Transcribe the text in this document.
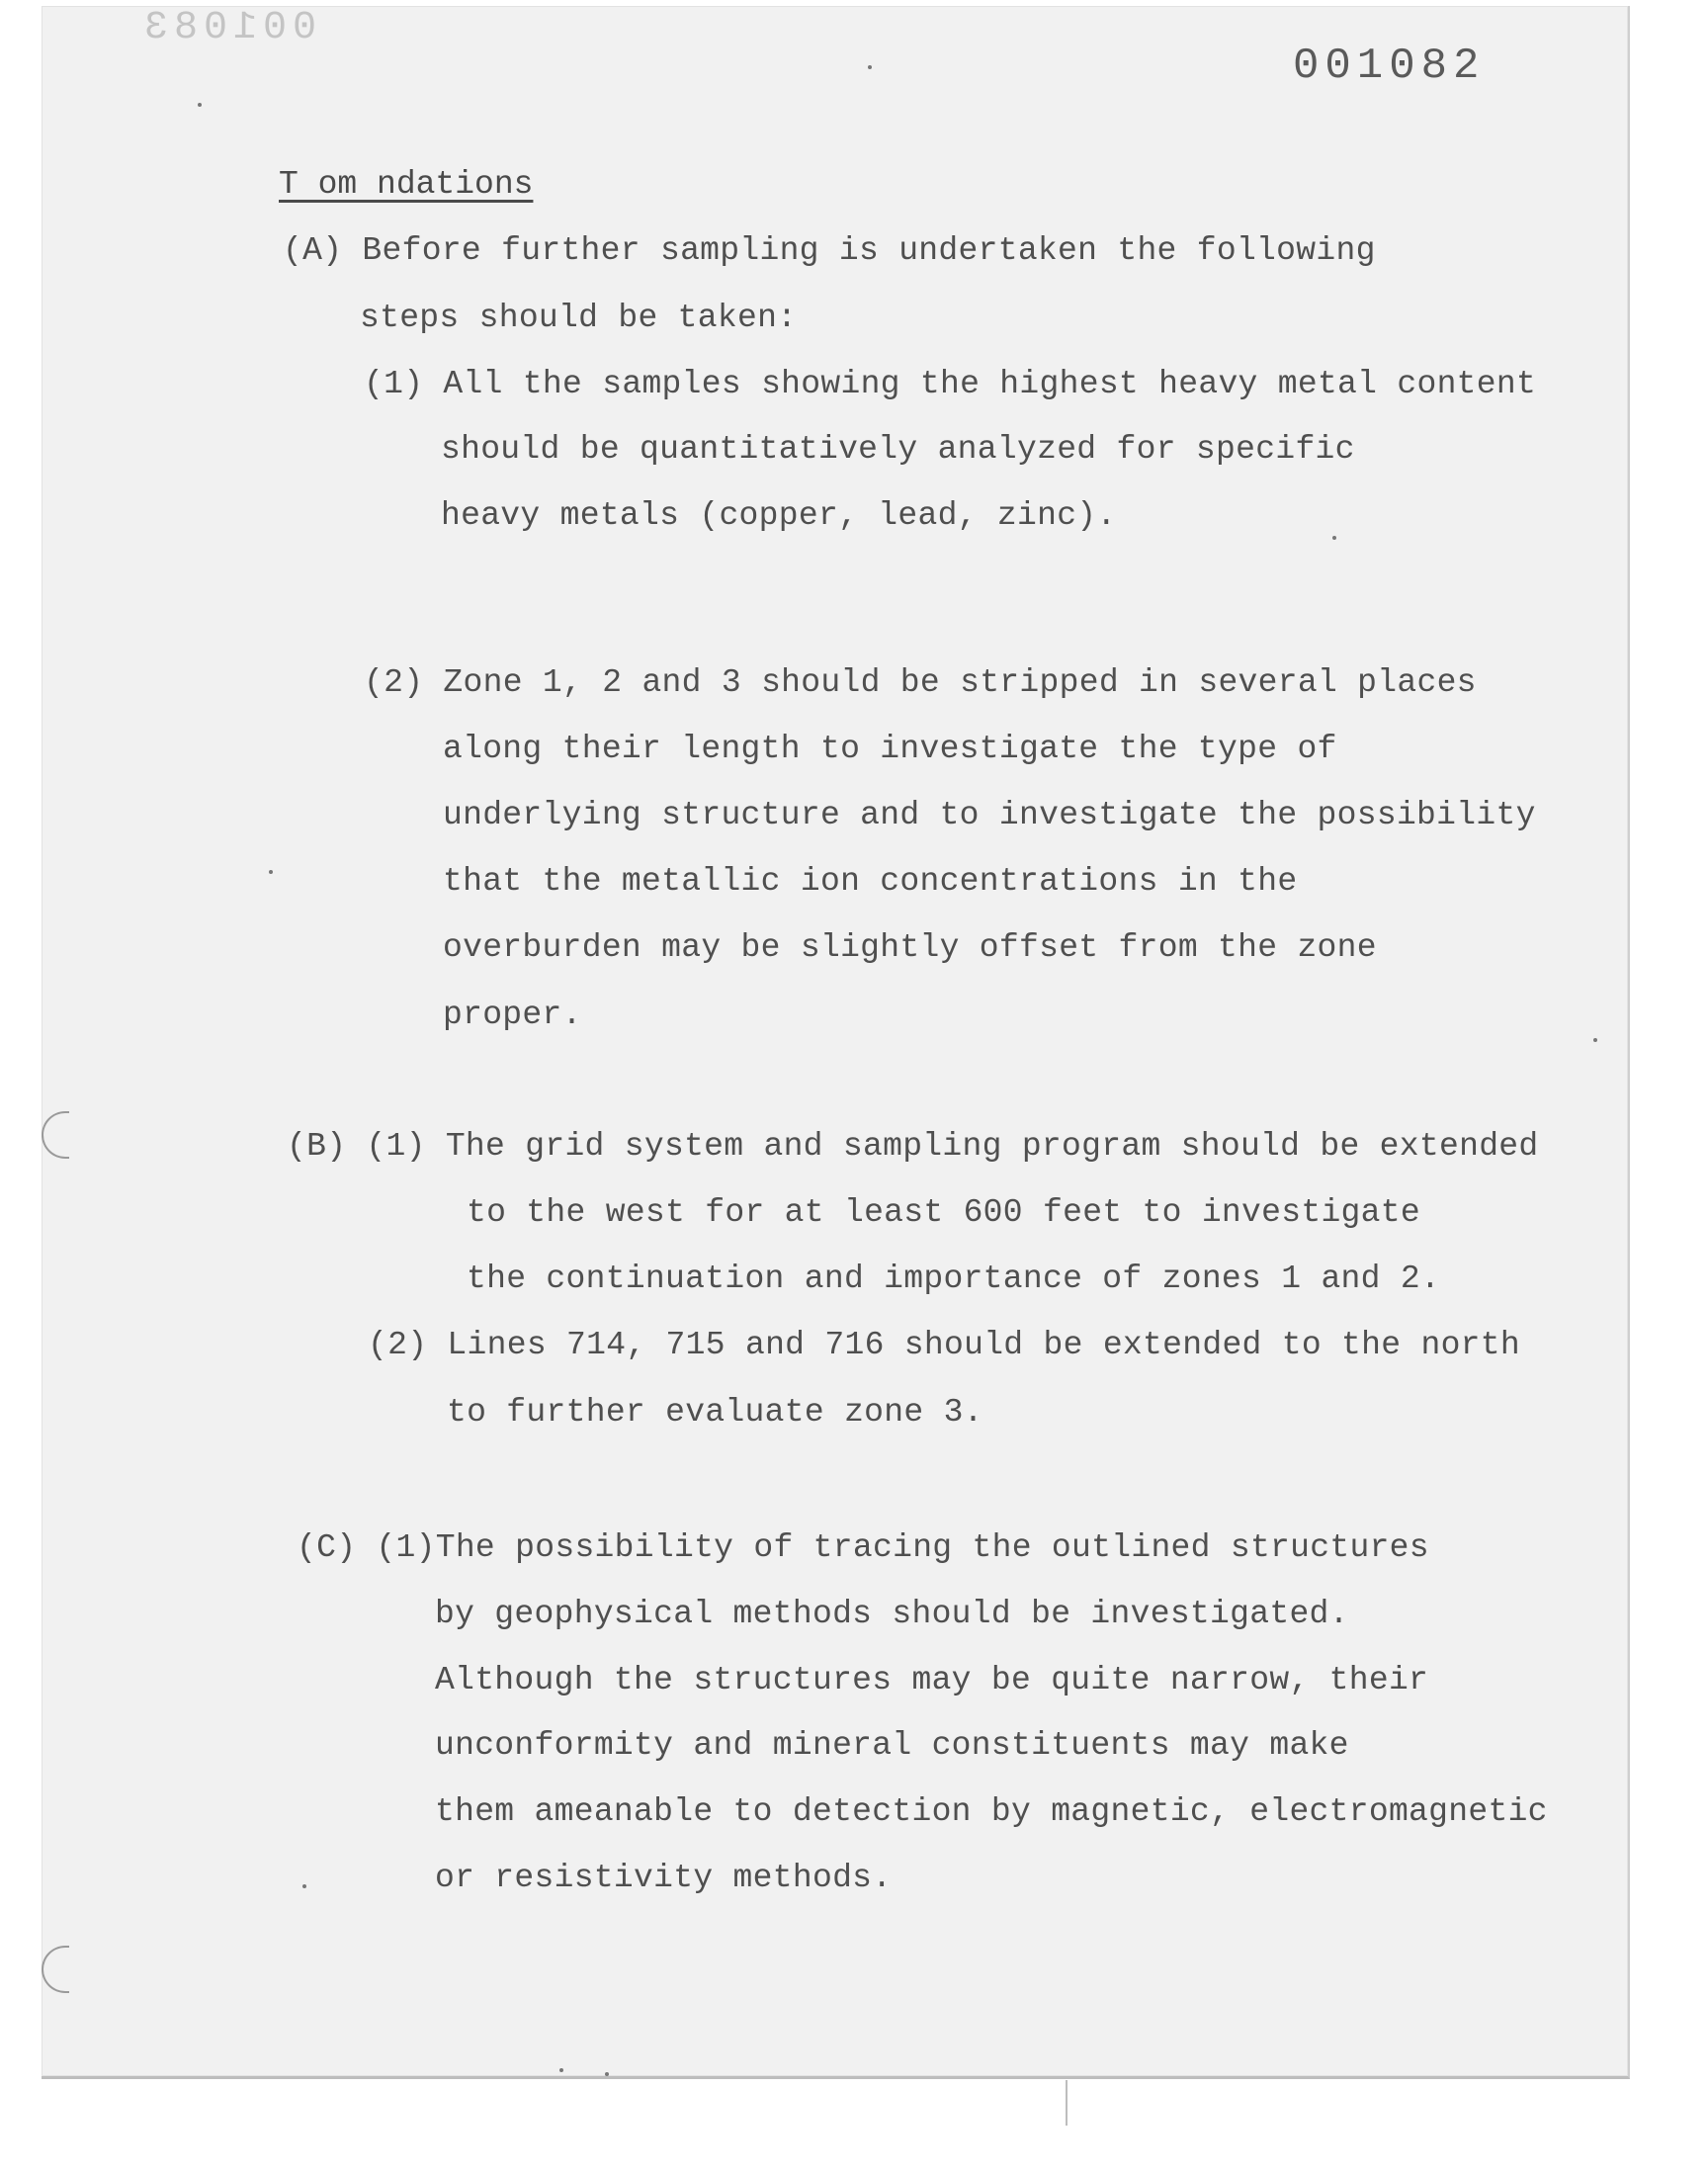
001083
001082
T om ndations
(A) Before further sampling is undertaken the following
steps should be taken:
(1) All the samples showing the highest heavy metal content
should be quantitatively analyzed for specific
heavy metals (copper, lead, zinc).
(2) Zone 1, 2 and 3 should be stripped in several places
along their length to investigate the type of
underlying structure and to investigate the possibility
that the metallic ion concentrations in the
overburden may be slightly offset from the zone
proper.
(B) (1) The grid system and sampling program should be extended
to the west for at least 600 feet to investigate
the continuation and importance of zones 1 and 2.
(2) Lines 714, 715 and 716 should be extended to the north
to further evaluate zone 3.
(C) (1)The possibility of tracing the outlined structures
by geophysical methods should be investigated.
Although the structures may be quite narrow, their
unconformity and mineral constituents may make
them ameanable to detection by magnetic, electromagnetic
or resistivity methods.
